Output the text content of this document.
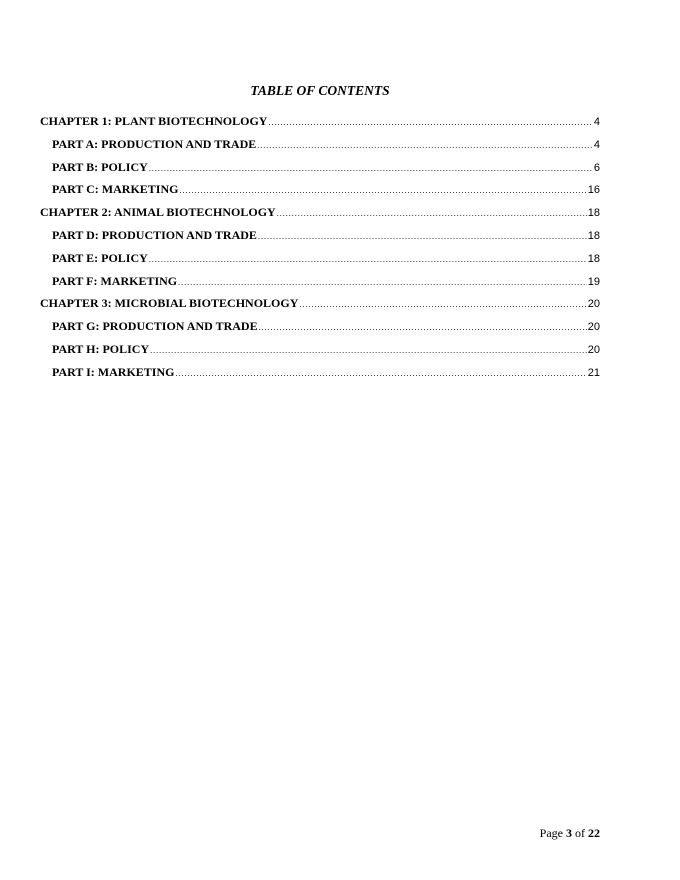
TABLE OF CONTENTS
CHAPTER 1: PLANT BIOTECHNOLOGY .....	4
PART A: PRODUCTION AND TRADE .....	4
PART B: POLICY .....	6
PART C: MARKETING .....	16
CHAPTER 2: ANIMAL BIOTECHNOLOGY .....	18
PART D: PRODUCTION AND TRADE .....	18
PART E: POLICY .....	18
PART F: MARKETING .....	19
CHAPTER 3: MICROBIAL BIOTECHNOLOGY .....	20
PART G: PRODUCTION AND TRADE .....	20
PART H: POLICY .....	20
PART I: MARKETING .....	21
Page 3 of 22
